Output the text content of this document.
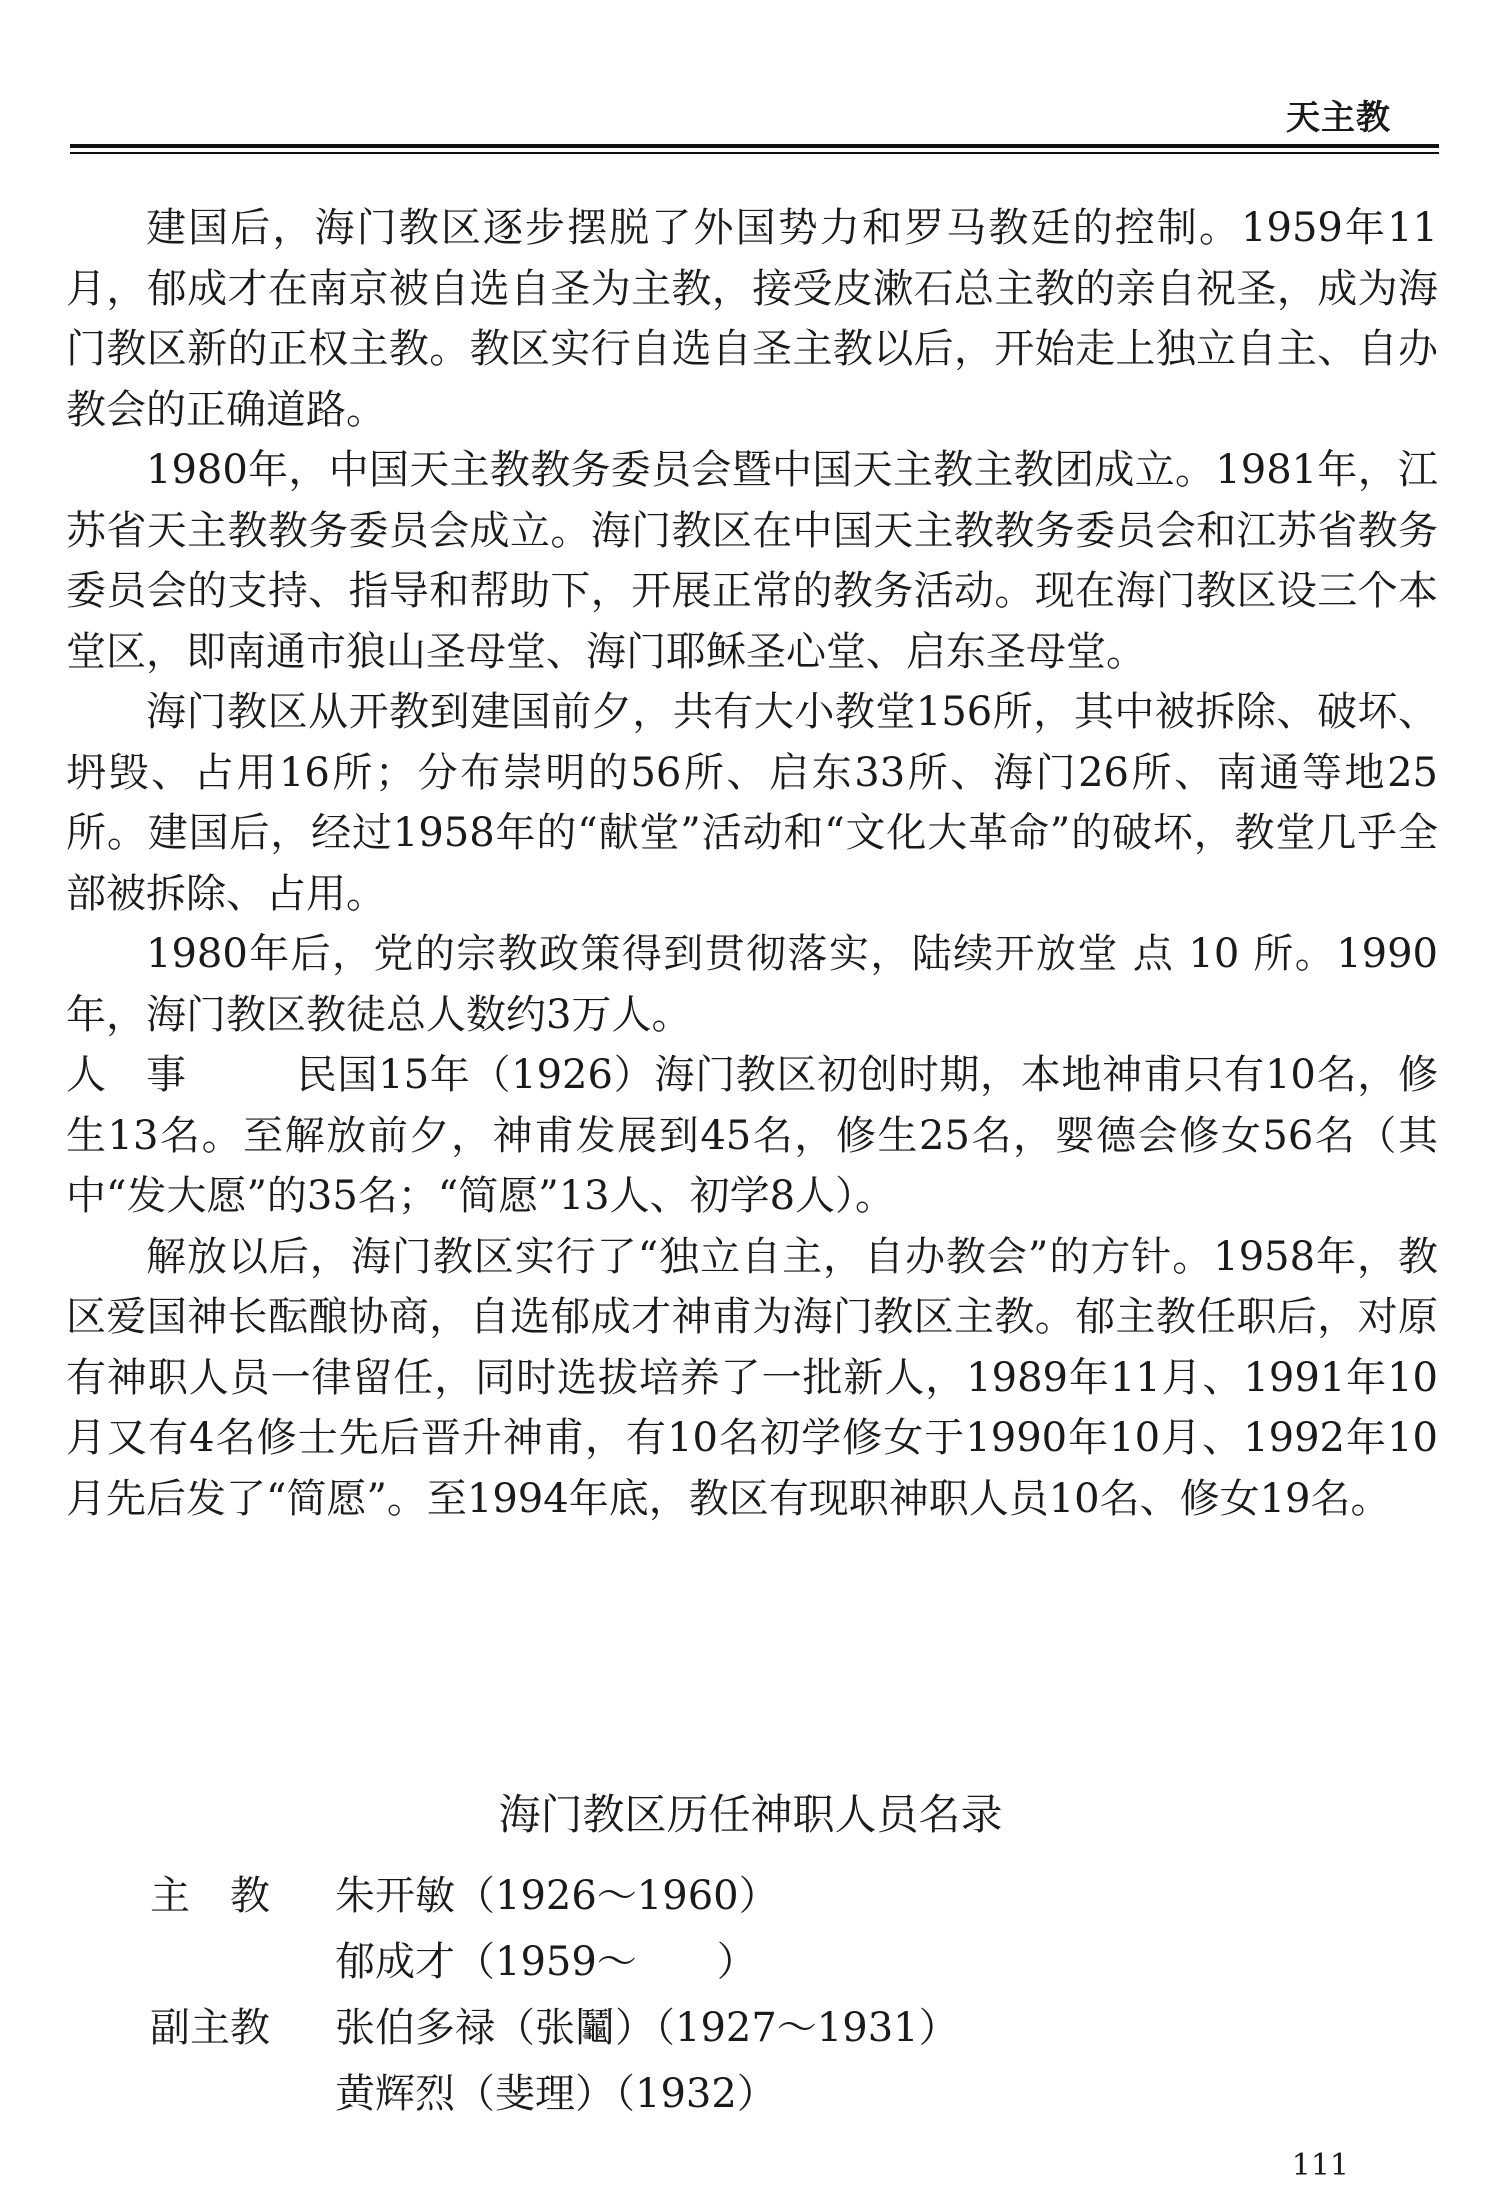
天主教

建国后，海门教区逐步摆脱了外国势力和罗马教廷的控制。1959年11月，郁成才在南京被自选自圣为主教，接受皮漱石总主教的亲自祝圣，成为海门教区新的正权主教。教区实行自选自圣主教以后，开始走上独立自主、自办教会的正确道路。

1980年，中国天主教教务委员会暨中国天主教主教团成立。1981年，江苏省天主教教务委员会成立。海门教区在中国天主教教务委员会和江苏省教务委员会的支持、指导和帮助下，开展正常的教务活动。现在海门教区设三个本堂区，即南通市狼山圣母堂、海门耶稣圣心堂、启东圣母堂。

海门教区从开教到建国前夕，共有大小教堂156所，其中被拆除、破坏、坍毁、占用16所；分布崇明的56所、启东33所、海门26所、南通等地25所。建国后，经过1958年的“献堂”活动和“文化大革命”的破坏，教堂几乎全部被拆除、占用。

1980年后，党的宗教政策得到贯彻落实，陆续开放堂 点 10 所。1990年，海门教区教徒总人数约3万人。

人　事	民国15年（1926）海门教区初创时期，本地神甫只有10名，修生13名。至解放前夕，神甫发展到45名，修生25名，婴德会修女56名（其中“发大愿”的35名；“简愿”13人、初学8人）。

解放以后，海门教区实行了“独立自主，自办教会”的方针。1958年，教区爱国神长酝酿协商，自选郁成才神甫为海门教区主教。郁主教任职后，对原有神职人员一律留任，同时选拔培养了一批新人，1989年11月、1991年10月又有4名修士先后晋升神甫，有10名初学修女于1990年10月、1992年10月先后发了“简愿”。至1994年底，教区有现职神职人员10名、修女19名。

海门教区历任神职人员名录
主　教	朱开敏（1926～1960）
郁成才（1959～　　）
副主教	张伯多禄（张鬮）（1927～1931）
黄辉烈（斐理）（1932）
111
